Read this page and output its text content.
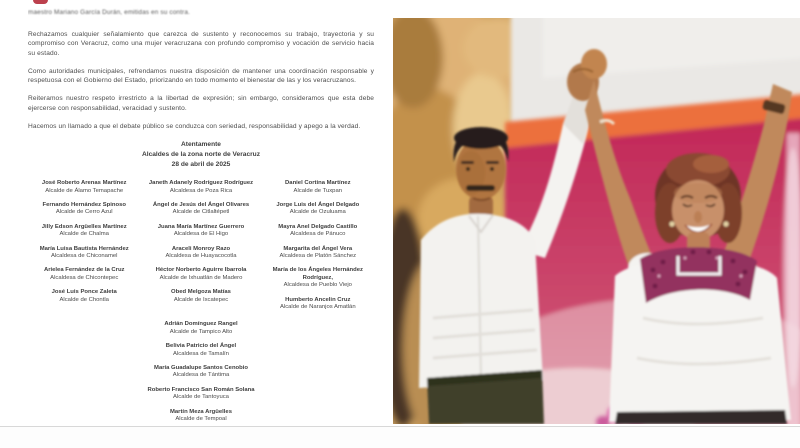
maestro Mariano García Durán, emitidas en su contra.

Rechazamos cualquier señalamiento que carezca de sustento y reconocemos su trabajo, trayectoria y su compromiso con Veracruz, como una mujer veracruzana con profundo compromiso y vocación de servicio hacia su estado.

Como autoridades municipales, refrendamos nuestra disposición de mantener una coordinación responsable y respetuosa con el Gobierno del Estado, priorizando en todo momento el bienestar de las y los veracruzanos.

Reiteramos nuestro respeto irrestricto a la libertad de expresión; sin embargo, consideramos que esta debe ejercerse con responsabilidad, veracidad y sustento.

Hacemos un llamado a que el debate público se conduzca con seriedad, responsabilidad y apego a la verdad.

Atentamente
Alcaldes de la zona norte de Veracruz
28 de abril de 2025
José Roberto Arenas Martínez
Alcalde de Álamo Temapache
Fernando Hernández Spinoso
Alcalde de Cerro Azul
Jilly Edson Argüelles Martínez
Alcalde de Chalma
María Luisa Bautista Hernández
Alcaldesa de Chiconamel
Arielea Fernández de la Cruz
Alcaldesa de Chicontepec
José Luis Ponce Zaleta
Alcalde de Chontla
Janeth Adanely Rodríguez Rodríguez
Alcaldesa de Poza Rica
Ángel de Jesús del Ángel Olivares
Alcalde de Citlaltépetl
Juana María Martínez Guerrero
Alcaldesa de El Higo
Araceli Monroy Razo
Alcaldesa de Huayacocotla
Héctor Norberto Aguirre Ibarrola
Alcalde de Ixhuatlán de Madero
Obed Melgoza Matías
Alcalde de Ixcatepec
Daniel Cortina Martínez
Alcalde de Tuxpan
Jorge Luis del Ángel Delgado
Alcalde de Ozuluama
Mayra Anel Delgado Castillo
Alcaldesa de Pánuco
Margarita del Ángel Vera
Alcaldesa de Platón Sánchez
María de los Ángeles Hernández Rodríguez,
Alcaldesa de Pueblo Viejo
Humberto Ancelin Cruz
Alcalde de Naranjos Amatlán
Adrián Domínguez Rangel
Alcalde de Tampico Alto
Belivia Patricio del Ángel
Alcaldesa de Tamalín
María Guadalupe Santos Cenobio
Alcaldesa de Tántima
Roberto Francisco San Román Solana
Alcalde de Tantoyuca
Martín Meza Argüelles
Alcalde de Tempoal
